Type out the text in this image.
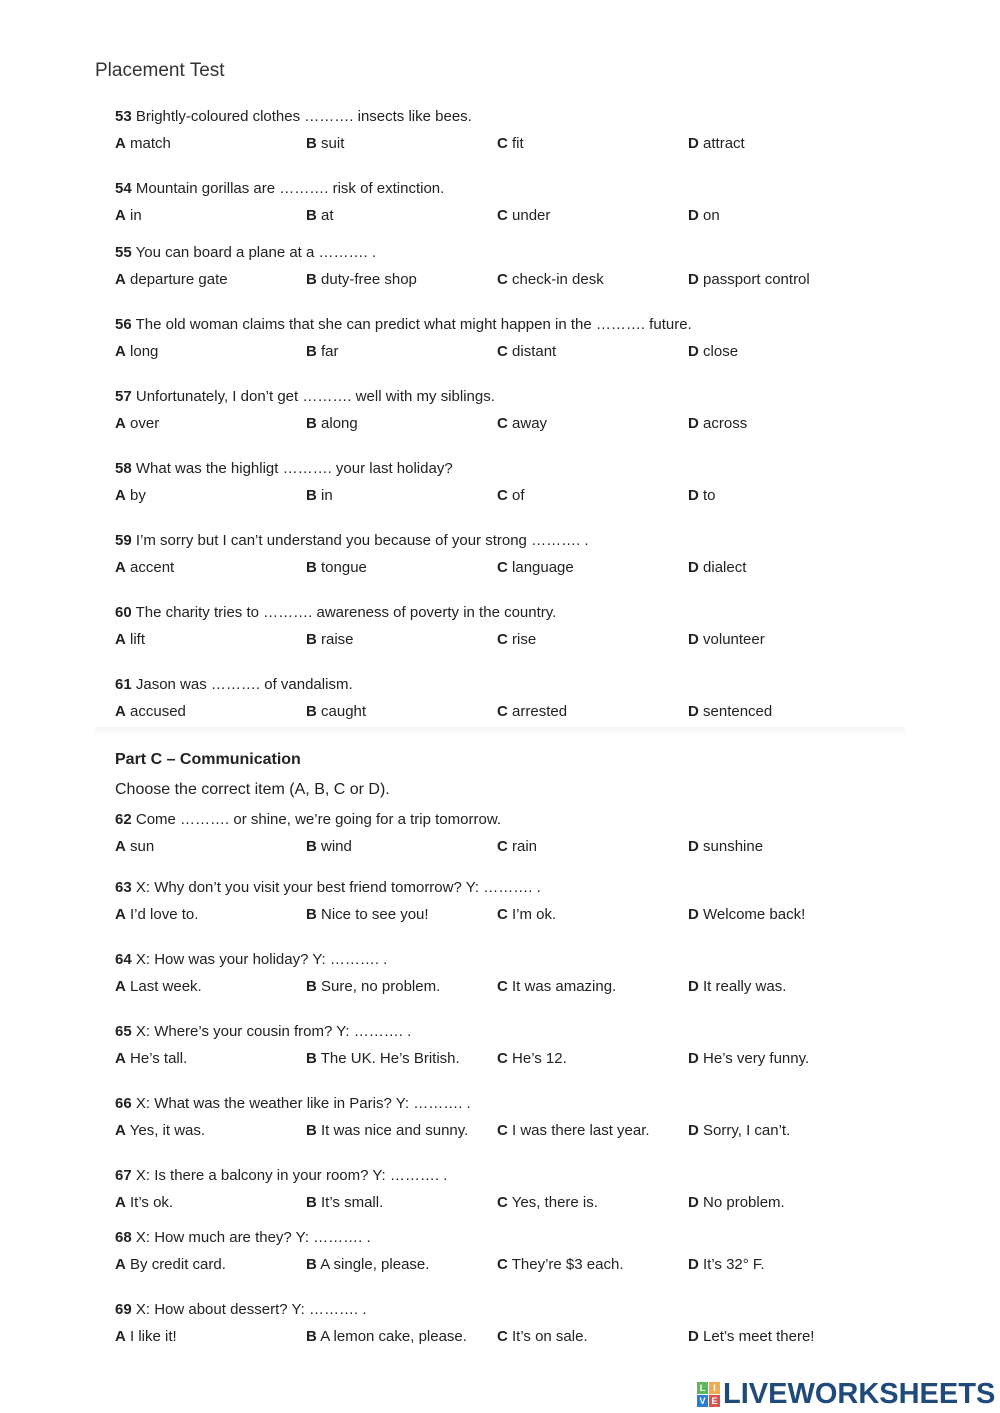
Placement Test
53 Brightly-coloured clothes ………. insects like bees.
A match	B suit	C fit	D attract
54 Mountain gorillas are ………. risk of extinction.
A in	B at	C under	D on
55 You can board a plane at a ………. .
A departure gate	B duty-free shop	C check-in desk	D passport control
56 The old woman claims that she can predict what might happen in the ………. future.
A long	B far	C distant	D close
57 Unfortunately, I don’t get ………. well with my siblings.
A over	B along	C away	D across
58 What was the highligt ………. your last holiday?
A by	B in	C of	D to
59 I’m sorry but I can’t understand you because of your strong ………. .
A accent	B tongue	C language	D dialect
60 The charity tries to ………. awareness of poverty in the country.
A lift	B raise	C rise	D volunteer
61 Jason was ………. of vandalism.
A accused	B caught	C arrested	D sentenced
62 Come ………. or shine, we’re going for a trip tomorrow.
A sun	B wind	C rain	D sunshine
63 X: Why don’t you visit your best friend tomorrow? Y: ………. .
A I’d love to.	B Nice to see you!	C I’m ok.	D Welcome back!
64 X: How was your holiday? Y: ………. .
A Last week.	B Sure, no problem.	C It was amazing.	D It really was.
65 X: Where’s your cousin from? Y: ………. .
A He’s tall.	B The UK. He’s British. C He’s 12.	D He’s very funny.
66 X: What was the weather like in Paris? Y: ………. .
A Yes, it was.	B It was nice and sunny. C I was there last year.	D Sorry, I can’t.
67 X: Is there a balcony in your room? Y: ………. .
A It’s ok.	B It’s small.	C Yes, there is.	D No problem.
68 X: How much are they? Y: ………. .
A By credit card.	B A single, please.	C They’re $3 each.	D It’s 32° F.
69 X: How about dessert? Y: ………. .
A I like it!	B A lemon cake, please. C It’s on sale.	D Let’s meet there!
Part C – Communication
Choose the correct item (A, B, C or D).
L I
V E LIVEWORKSHEETS
